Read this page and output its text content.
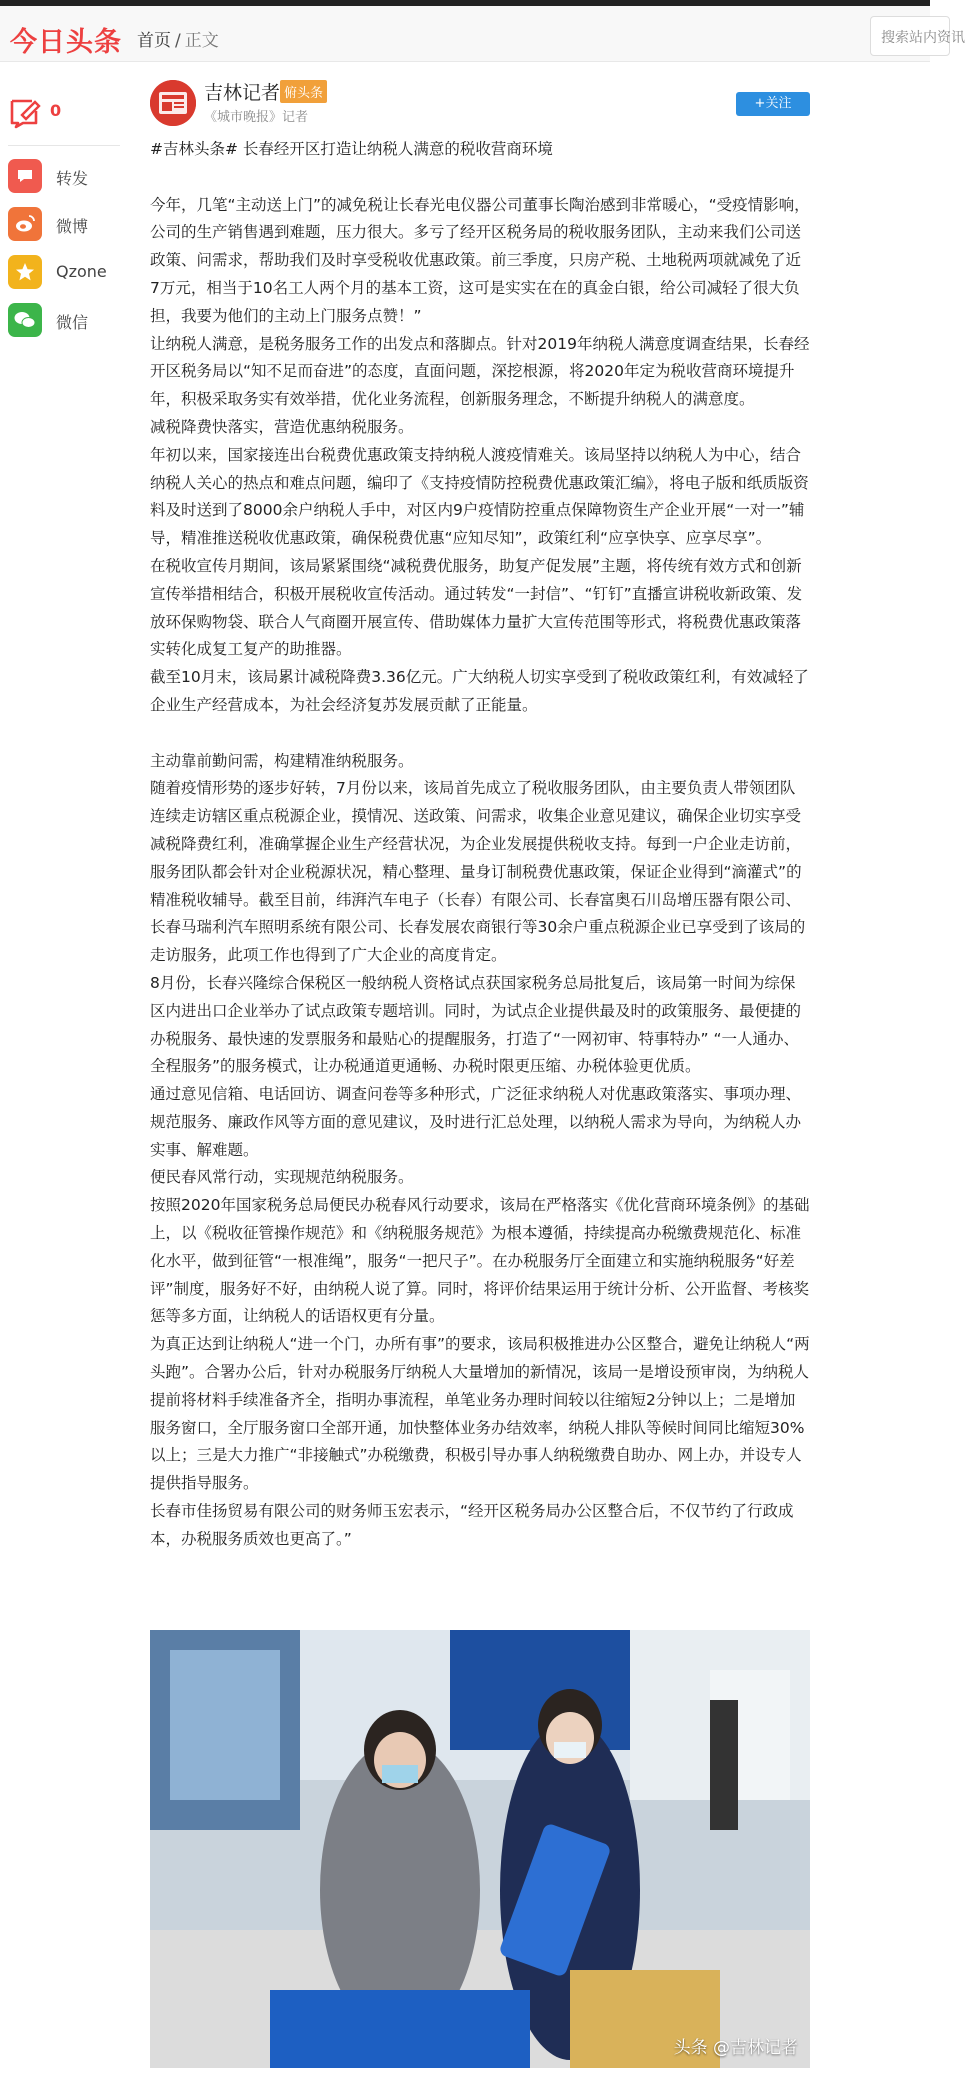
今日头条 首页 / 正文	搜索站内资讯
0
转发
微博
Qzone
微信
吉林记者 俯头条
《城市晚报》记者
+关注

#吉林头条# 长春经开区打造让纳税人满意的税收营商环境

今年，几笔“主动送上门”的减免税让长春光电仪器公司董事长陶治感到非常暖心，“受疫情影响，公司的生产销售遇到难题，压力很大。多亏了经开区税务局的税收服务团队，主动来我们公司送政策、问需求，帮助我们及时享受税收优惠政策。前三季度，只房产税、土地税两项就减免了近7万元，相当于10名工人两个月的基本工资，这可是实实在在的真金白银，给公司减轻了很大负担，我要为他们的主动上门服务点赞！”

让纳税人满意，是税务服务工作的出发点和落脚点。针对2019年纳税人满意度调查结果，长春经开区税务局以“知不足而奋进”的态度，直面问题，深挖根源，将2020年定为税收营商环境提升年，积极采取务实有效举措，优化业务流程，创新服务理念，不断提升纳税人的满意度。

减税降费快落实，营造优惠纳税服务。

年初以来，国家接连出台税费优惠政策支持纳税人渡疫情难关。该局坚持以纳税人为中心，结合纳税人关心的热点和难点问题，编印了《支持疫情防控税费优惠政策汇编》，将电子版和纸质版资料及时送到了8000余户纳税人手中，对区内9户疫情防控重点保障物资生产企业开展“一对一”辅导，精准推送税收优惠政策，确保税费优惠“应知尽知”，政策红利“应享快享、应享尽享”。

在税收宣传月期间，该局紧紧围绕“减税费优服务，助复产促发展”主题，将传统有效方式和创新宣传举措相结合，积极开展税收宣传活动。通过转发“一封信”、“钉钉”直播宣讲税收新政策、发放环保购物袋、联合人气商圈开展宣传、借助媒体力量扩大宣传范围等形式，将税费优惠政策落实转化成复工复产的助推器。

截至10月末，该局累计减税降费3.36亿元。广大纳税人切实享受到了税收政策红利，有效减轻了企业生产经营成本，为社会经济复苏发展贡献了正能量。

主动靠前勤问需，构建精准纳税服务。

随着疫情形势的逐步好转，7月份以来，该局首先成立了税收服务团队，由主要负责人带领团队连续走访辖区重点税源企业，摸情况、送政策、问需求，收集企业意见建议，确保企业切实享受减税降费红利，准确掌握企业生产经营状况，为企业发展提供税收支持。每到一户企业走访前，服务团队都会针对企业税源状况，精心整理、量身订制税费优惠政策，保证企业得到“滴灌式”的精准税收辅导。截至目前，纬湃汽车电子（长春）有限公司、长春富奥石川岛增压器有限公司、长春马瑞利汽车照明系统有限公司、长春发展农商银行等30余户重点税源企业已享受到了该局的走访服务，此项工作也得到了广大企业的高度肯定。

8月份，长春兴隆综合保税区一般纳税人资格试点获国家税务总局批复后，该局第一时间为综保区内进出口企业举办了试点政策专题培训。同时，为试点企业提供最及时的政策服务、最便捷的办税服务、最快速的发票服务和最贴心的提醒服务，打造了“一网初审、特事特办” “一人通办、全程服务”的服务模式，让办税通道更通畅、办税时限更压缩、办税体验更优质。

通过意见信箱、电话回访、调查问卷等多种形式，广泛征求纳税人对优惠政策落实、事项办理、规范服务、廉政作风等方面的意见建议，及时进行汇总处理，以纳税人需求为导向，为纳税人办实事、解难题。

便民春风常行动，实现规范纳税服务。

按照2020年国家税务总局便民办税春风行动要求，该局在严格落实《优化营商环境条例》的基础上，以《税收征管操作规范》和《纳税服务规范》为根本遵循，持续提高办税缴费规范化、标准化水平，做到征管“一根准绳”，服务“一把尺子”。在办税服务厅全面建立和实施纳税服务“好差评”制度，服务好不好，由纳税人说了算。同时，将评价结果运用于统计分析、公开监督、考核奖惩等多方面，让纳税人的话语权更有分量。

为真正达到让纳税人“进一个门，办所有事”的要求，该局积极推进办公区整合，避免让纳税人“两头跑”。合署办公后，针对办税服务厅纳税人大量增加的新情况，该局一是增设预审岗，为纳税人提前将材料手续准备齐全，指明办事流程，单笔业务办理时间较以往缩短2分钟以上；二是增加服务窗口，全厅服务窗口全部开通，加快整体业务办结效率，纳税人排队等候时间同比缩短30%以上；三是大力推广“非接触式”办税缴费，积极引导办事人纳税缴费自助办、网上办，并设专人提供指导服务。

长春市佳扬贸易有限公司的财务师玉宏表示，“经开区税务局办公区整合后，不仅节约了行政成本，办税服务质效也更高了。”

头条 @吉林记者
